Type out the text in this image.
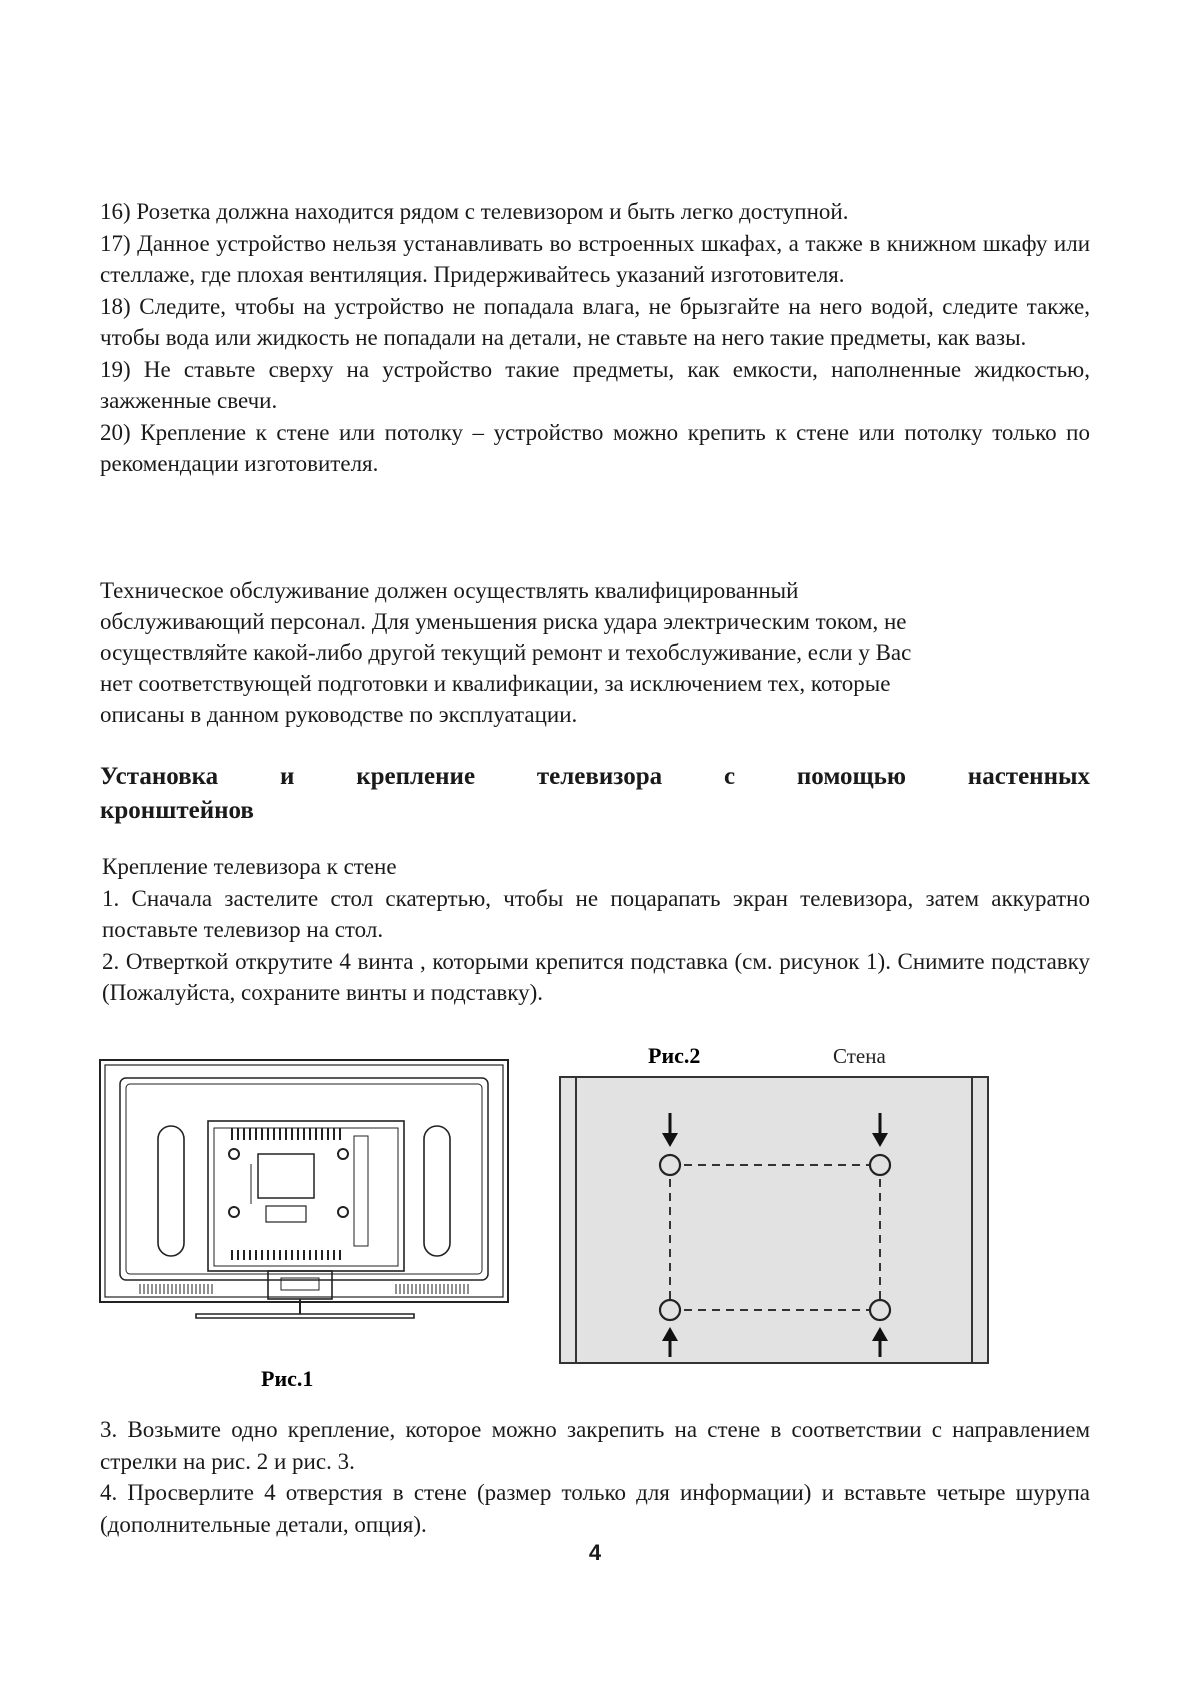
16) Розетка должна находится рядом с телевизором и быть легко доступной.

17) Данное устройство нельзя устанавливать во встроенных шкафах, а также в книжном шкафу или стеллаже, где плохая вентиляция. Придерживайтесь указаний изготовителя.

18) Следите, чтобы на устройство не попадала влага, не брызгайте на него водой, следите также, чтобы вода или жидкость не попадали на детали, не ставьте на него такие предметы, как вазы.

19) Не ставьте сверху на устройство такие предметы, как емкости, наполненные жидкостью, зажженные свечи.

20) Крепление к стене или потолку – устройство можно крепить к стене или потолку только по рекомендации изготовителя.

Техническое обслуживание должен осуществлять квалифицированный

обслуживающий персонал. Для уменьшения риска удара электрическим током, не

осуществляйте какой-либо другой текущий ремонт и техобслуживание, если у Вас

нет соответствующей подготовки и квалификации, за исключением тех, которые

описаны в данном руководстве по эксплуатации.

Установка и крепление телевизора с помощью настенных
кронштейнов

Крепление телевизора к стене

1. Сначала застелите стол скатертью, чтобы не поцарапать экран телевизора, затем аккуратно поставьте телевизор на стол.

2. Отверткой открутите 4 винта , которыми крепится подставка (см. рисунок 1). Снимите подставку (Пожалуйста, сохраните винты и подставку).

Рис.1
Рис.2	Стена

3. Возьмите одно крепление, которое можно закрепить на стене в соответствии с направлением стрелки на рис. 2 и рис. 3.

4. Просверлите 4 отверстия в стене (размер только для информации) и вставьте четыре шурупа (дополнительные детали, опция).

4
